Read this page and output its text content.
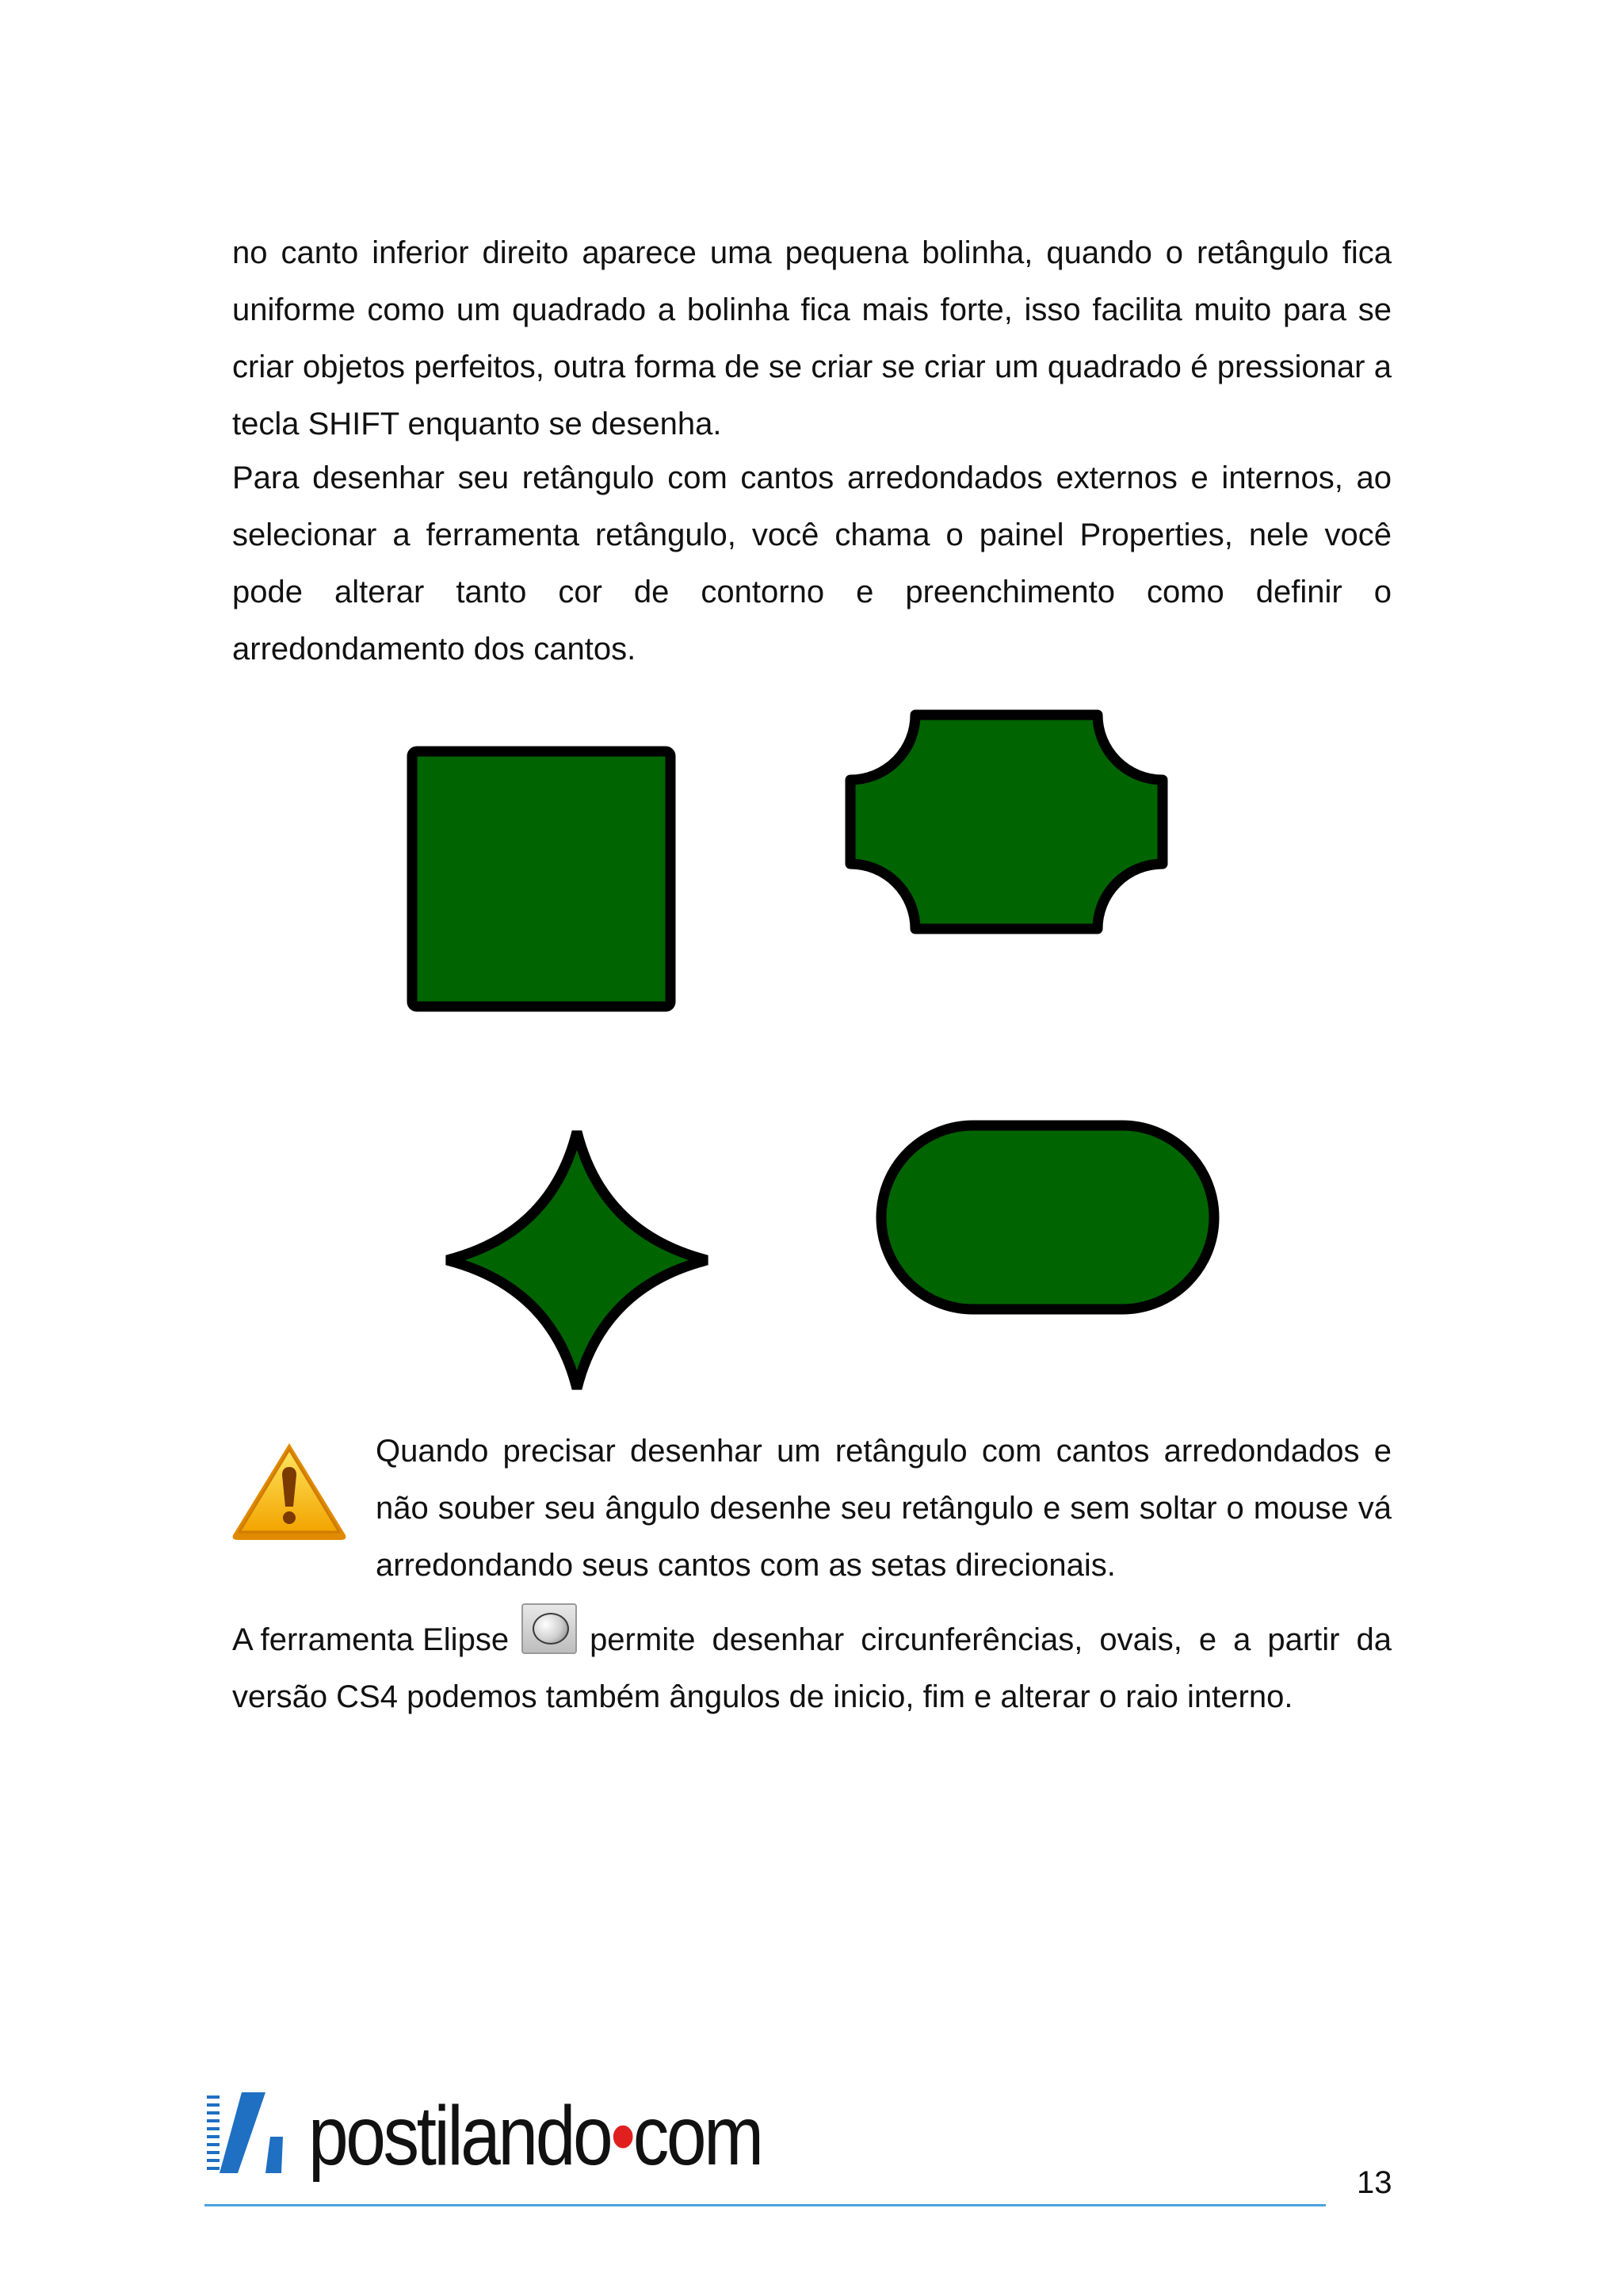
no canto inferior direito aparece uma pequena bolinha, quando o retângulo fica uniforme como um quadrado a bolinha fica mais forte, isso facilita muito para se criar objetos perfeitos, outra forma de se criar se criar um quadrado é pressionar a tecla SHIFT enquanto se desenha.

Para desenhar seu retângulo com cantos arredondados externos e internos, ao selecionar a ferramenta retângulo, você chama o painel Properties, nele você pode alterar tanto cor de contorno e preenchimento como definir o arredondamento dos cantos.

Quando precisar desenhar um retângulo com cantos arredondados e não souber seu ângulo desenhe seu retângulo e sem soltar o mouse vá arredondando seus cantos com as setas direcionais.

A ferramenta Elipse	permite desenhar circunferências, ovais, e a partir da

versão CS4 podemos também ângulos de inicio, fim e alterar o raio interno.

postilando•com	13
